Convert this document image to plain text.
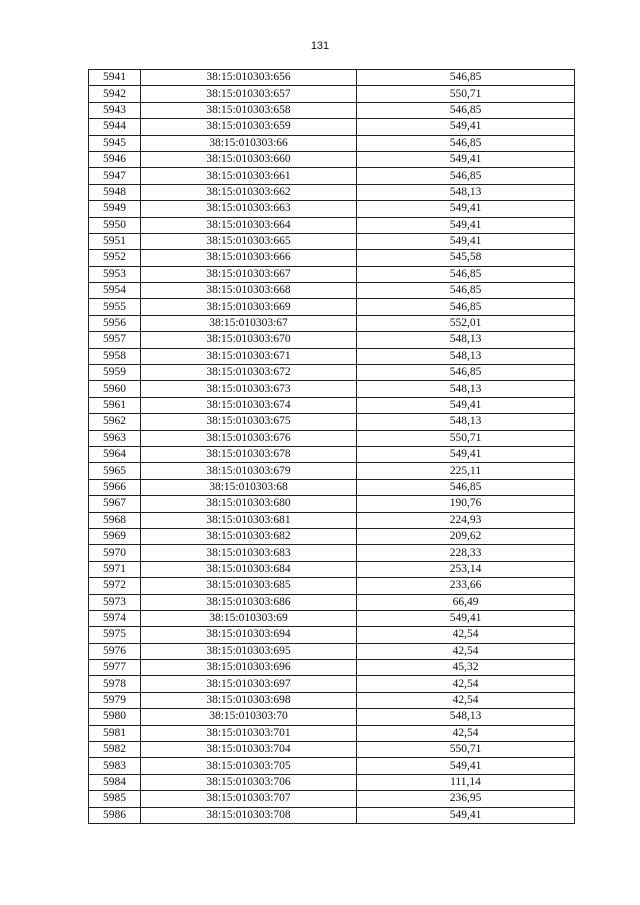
131
5941	38:15:010303:656	546,85
5942	38:15:010303:657	550,71
5943	38:15:010303:658	546,85
5944	38:15:010303:659	549,41
5945	38:15:010303:66	546,85
5946	38:15:010303:660	549,41
5947	38:15:010303:661	546,85
5948	38:15:010303:662	548,13
5949	38:15:010303:663	549,41
5950	38:15:010303:664	549,41
5951	38:15:010303:665	549,41
5952	38:15:010303:666	545,58
5953	38:15:010303:667	546,85
5954	38:15:010303:668	546,85
5955	38:15:010303:669	546,85
5956	38:15:010303:67	552,01
5957	38:15:010303:670	548,13
5958	38:15:010303:671	548,13
5959	38:15:010303:672	546,85
5960	38:15:010303:673	548,13
5961	38:15:010303:674	549,41
5962	38:15:010303:675	548,13
5963	38:15:010303:676	550,71
5964	38:15:010303:678	549,41
5965	38:15:010303:679	225,11
5966	38:15:010303:68	546,85
5967	38:15:010303:680	190,76
5968	38:15:010303:681	224,93
5969	38:15:010303:682	209,62
5970	38:15:010303:683	228,33
5971	38:15:010303:684	253,14
5972	38:15:010303:685	233,66
5973	38:15:010303:686	66,49
5974	38:15:010303:69	549,41
5975	38:15:010303:694	42,54
5976	38:15:010303:695	42,54
5977	38:15:010303:696	45,32
5978	38:15:010303:697	42,54
5979	38:15:010303:698	42,54
5980	38:15:010303:70	548,13
5981	38:15:010303:701	42,54
5982	38:15:010303:704	550,71
5983	38:15:010303:705	549,41
5984	38:15:010303:706	111,14
5985	38:15:010303:707	236,95
5986	38:15:010303:708	549,41
